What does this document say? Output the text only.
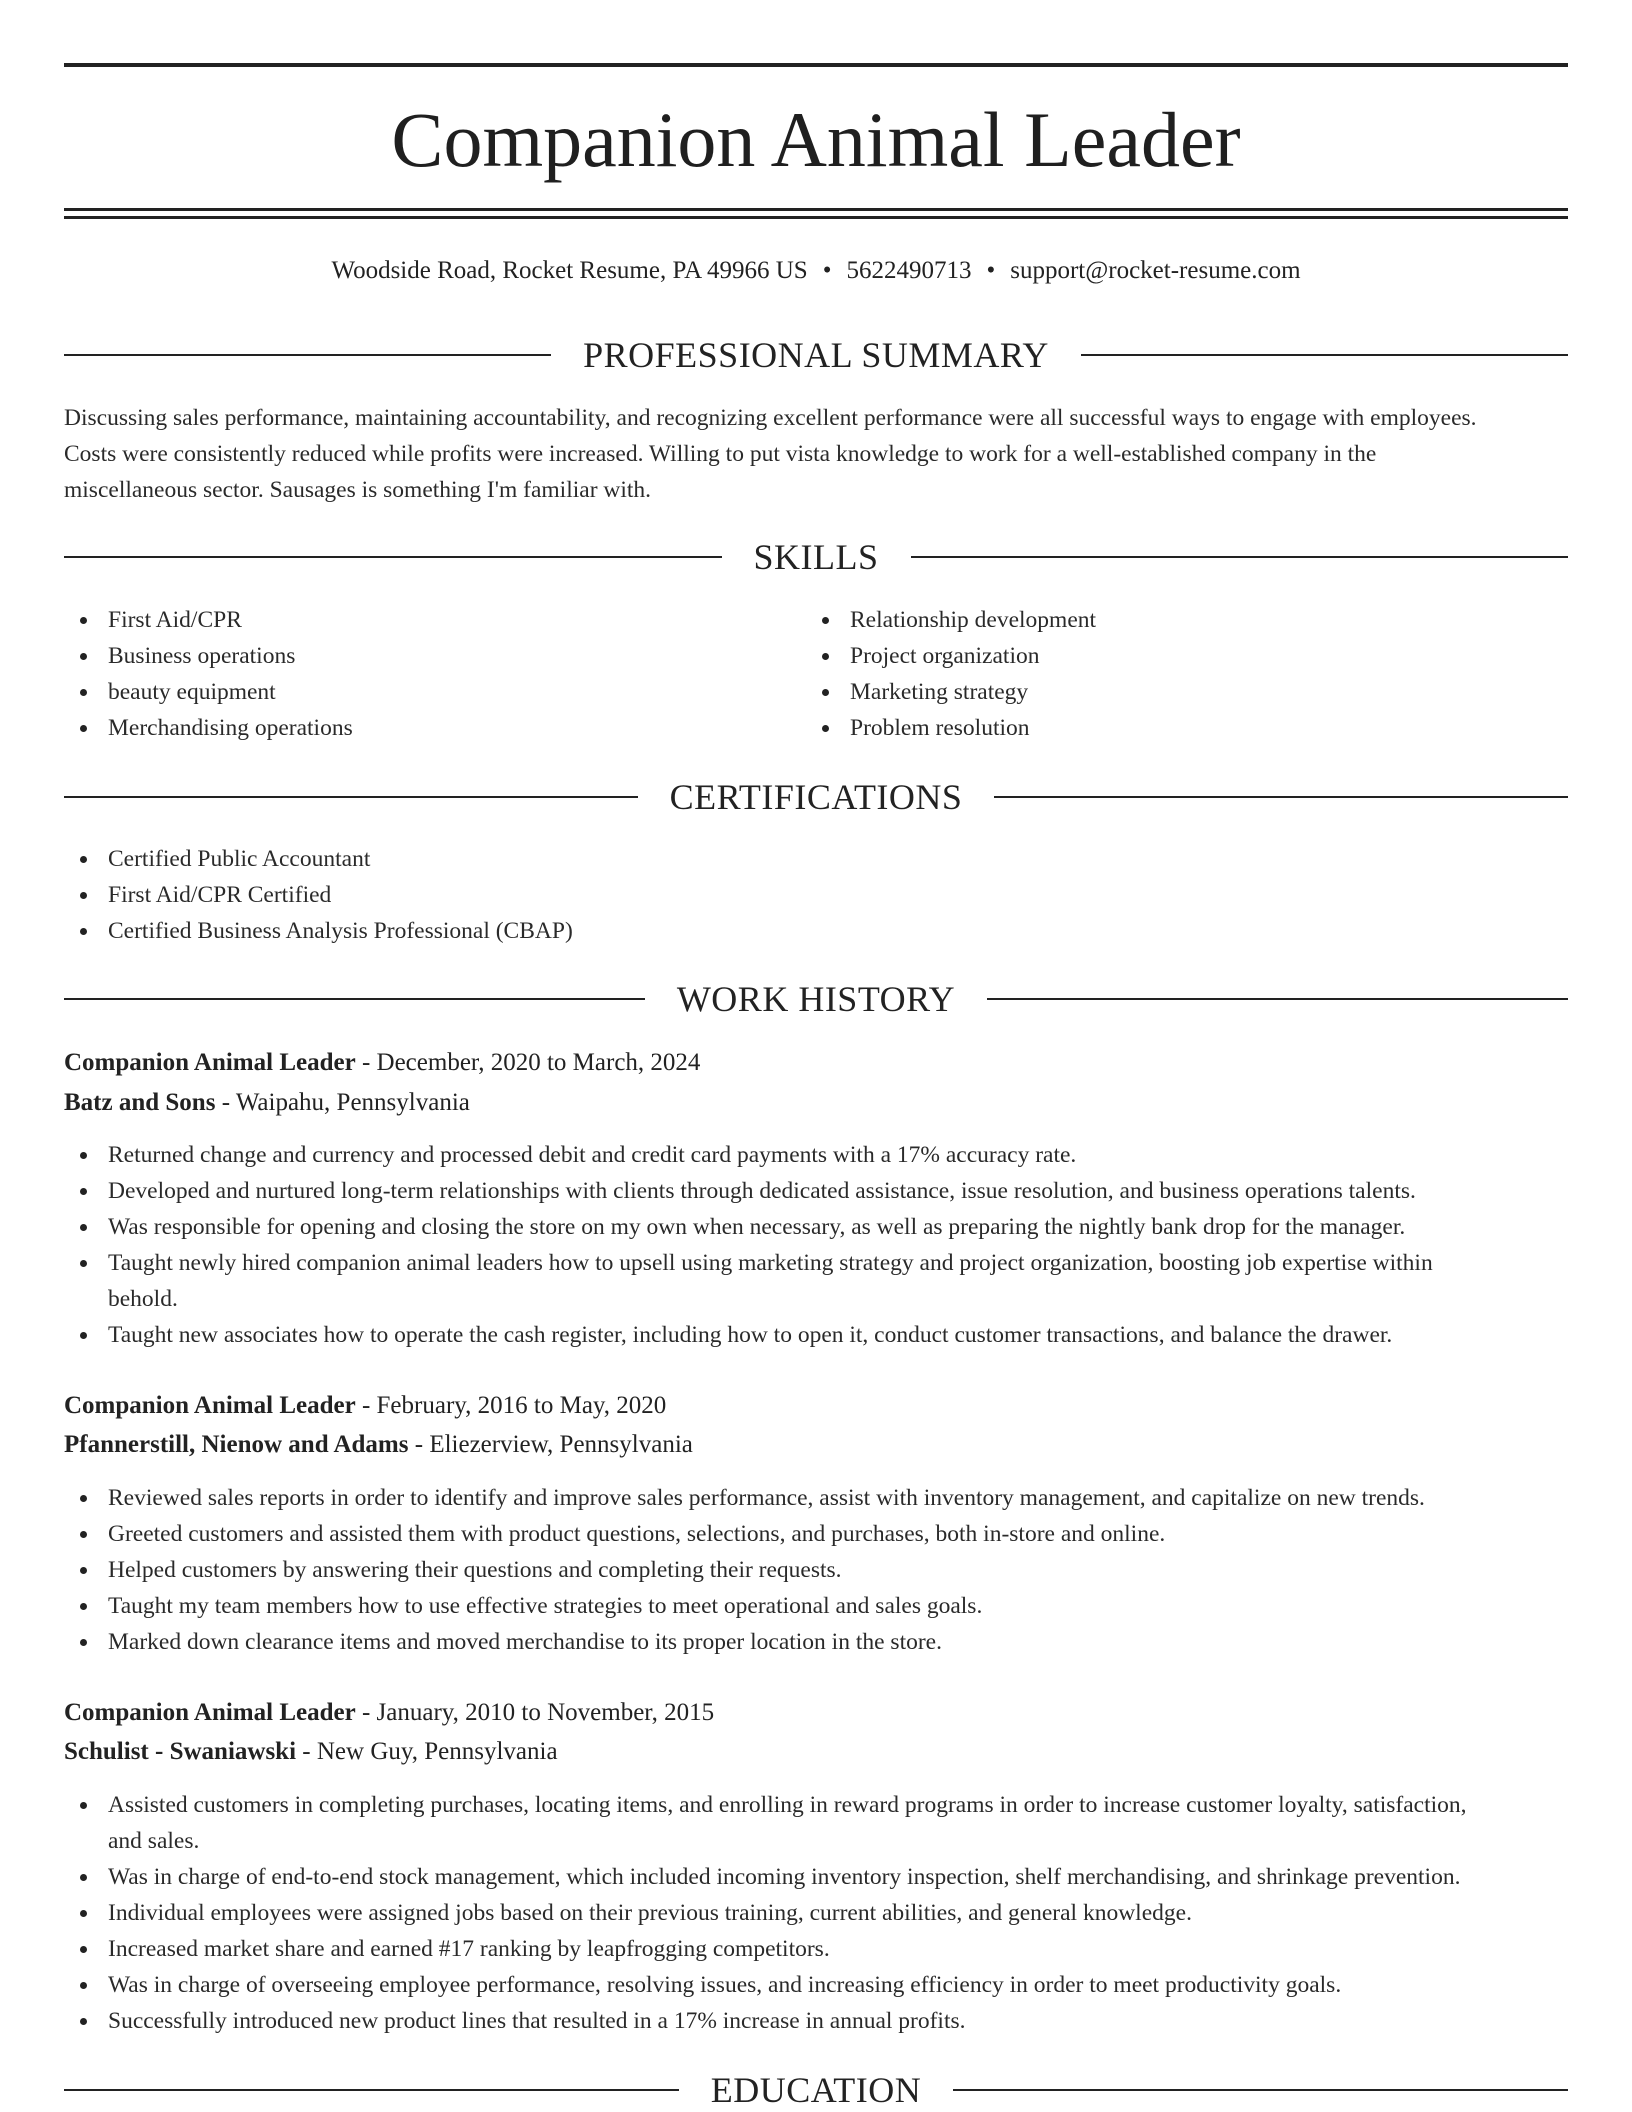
Companion Animal Leader
Woodside Road, Rocket Resume, PA 49966 US • 5622490713 • support@rocket-resume.com
PROFESSIONAL SUMMARY
Discussing sales performance, maintaining accountability, and recognizing excellent performance were all successful ways to engage with employees.
Costs were consistently reduced while profits were increased. Willing to put vista knowledge to work for a well-established company in the
miscellaneous sector. Sausages is something I'm familiar with.
SKILLS
First Aid/CPR
Business operations
beauty equipment
Merchandising operations
Relationship development
Project organization
Marketing strategy
Problem resolution
CERTIFICATIONS
Certified Public Accountant
First Aid/CPR Certified
Certified Business Analysis Professional (CBAP)
WORK HISTORY
Companion Animal Leader - December, 2020 to March, 2024
Batz and Sons - Waipahu, Pennsylvania
Returned change and currency and processed debit and credit card payments with a 17% accuracy rate.
Developed and nurtured long-term relationships with clients through dedicated assistance, issue resolution, and business operations talents.
Was responsible for opening and closing the store on my own when necessary, as well as preparing the nightly bank drop for the manager.
Taught newly hired companion animal leaders how to upsell using marketing strategy and project organization, boosting job expertise within
behold.
Taught new associates how to operate the cash register, including how to open it, conduct customer transactions, and balance the drawer.
Companion Animal Leader - February, 2016 to May, 2020
Pfannerstill, Nienow and Adams - Eliezerview, Pennsylvania
Reviewed sales reports in order to identify and improve sales performance, assist with inventory management, and capitalize on new trends.
Greeted customers and assisted them with product questions, selections, and purchases, both in-store and online.
Helped customers by answering their questions and completing their requests.
Taught my team members how to use effective strategies to meet operational and sales goals.
Marked down clearance items and moved merchandise to its proper location in the store.
Companion Animal Leader - January, 2010 to November, 2015
Schulist - Swaniawski - New Guy, Pennsylvania
Assisted customers in completing purchases, locating items, and enrolling in reward programs in order to increase customer loyalty, satisfaction,
and sales.
Was in charge of end-to-end stock management, which included incoming inventory inspection, shelf merchandising, and shrinkage prevention.
Individual employees were assigned jobs based on their previous training, current abilities, and general knowledge.
Increased market share and earned #17 ranking by leapfrogging competitors.
Was in charge of overseeing employee performance, resolving issues, and increasing efficiency in order to meet productivity goals.
Successfully introduced new product lines that resulted in a 17% increase in annual profits.
EDUCATION
